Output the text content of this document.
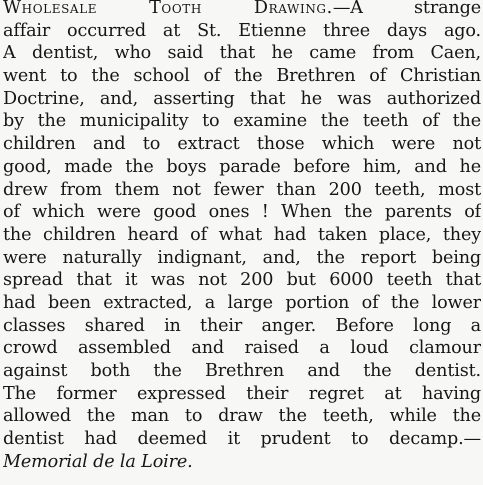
Wholesale Tooth Drawing.—A strange
affair occurred at St. Etienne three days ago.
A dentist, who said that he came from Caen,
went to the school of the Brethren of Christian
Doctrine, and, asserting that he was authorized
by the municipality to examine the teeth of the
children and to extract those which were not
good, made the boys parade before him, and he
drew from them not fewer than 200 teeth, most
of which were good ones ! When the parents of
the children heard of what had taken place, they
were naturally indignant, and, the report being
spread that it was not 200 but 6000 teeth that
had been extracted, a large portion of the lower
classes shared in their anger. Before long a
crowd assembled and raised a loud clamour
against both the Brethren and the dentist.
The former expressed their regret at having
allowed the man to draw the teeth, while the
dentist had deemed it prudent to decamp.—
Memorial de la Loire.
